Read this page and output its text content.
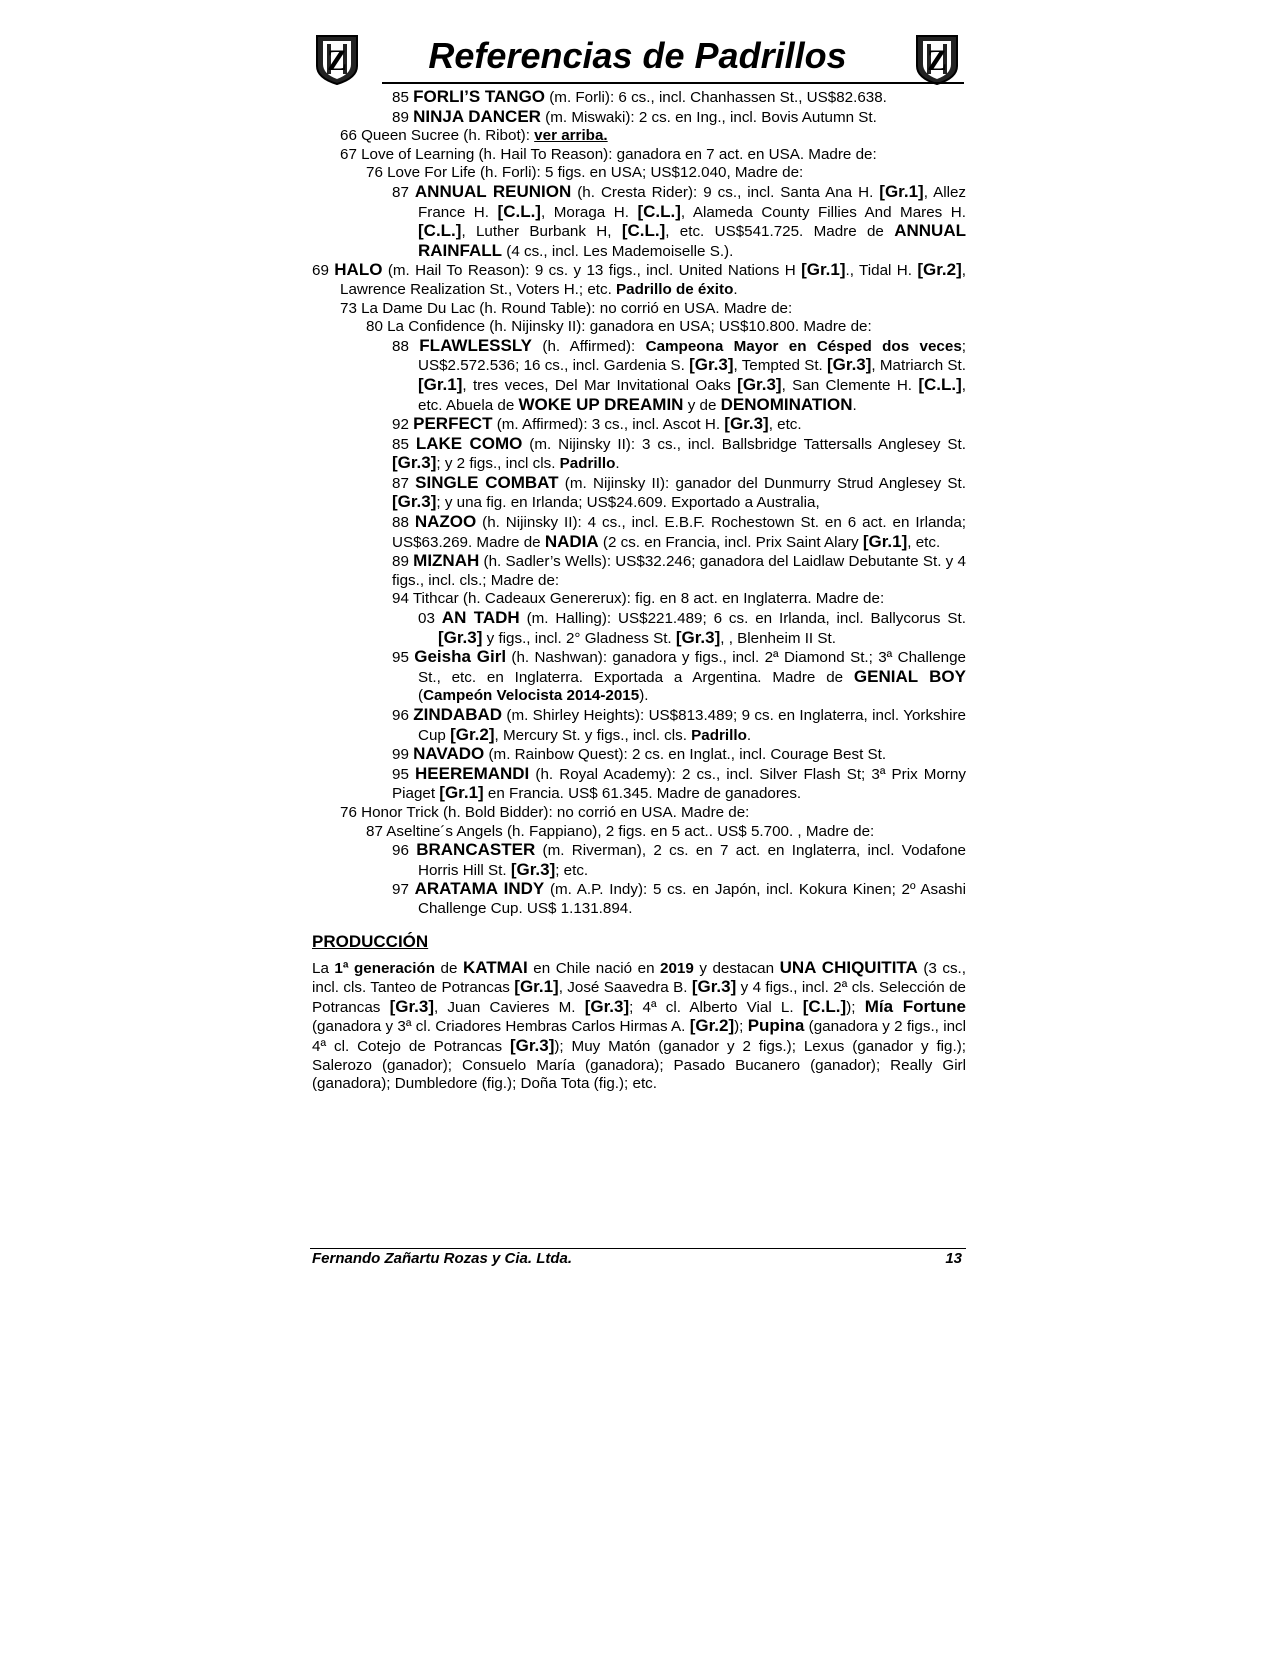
Z	Z
Referencias de Padrillos
85 FORLI’S TANGO (m. Forli): 6 cs., incl. Chanhassen St., US$82.638.
89 NINJA DANCER (m. Miswaki): 2 cs. en Ing., incl. Bovis Autumn St.
66 Queen Sucree (h. Ribot): ver arriba.
67 Love of Learning (h. Hail To Reason): ganadora en 7 act. en USA. Madre de:
76 Love For Life (h. Forli): 5 figs. en USA; US$12.040, Madre de:
87 ANNUAL REUNION (h. Cresta Rider): 9 cs., incl. Santa Ana H. [Gr.1], Allez France H. [C.L.], Moraga H. [C.L.], Alameda County Fillies And Mares H. [C.L.], Luther Burbank H, [C.L.], etc. US$541.725. Madre de ANNUAL RAINFALL (4 cs., incl. Les Mademoiselle S.).
69 HALO (m. Hail To Reason): 9 cs. y 13 figs., incl. United Nations H [Gr.1]., Tidal H. [Gr.2], Lawrence Realization St., Voters H.; etc. Padrillo de éxito.
73 La Dame Du Lac (h. Round Table): no corrió en USA. Madre de:
80 La Confidence (h. Nijinsky II): ganadora en USA; US$10.800. Madre de:
88 FLAWLESSLY (h. Affirmed): Campeona Mayor en Césped dos veces; US$2.572.536; 16 cs., incl. Gardenia S. [Gr.3], Tempted St. [Gr.3], Matriarch St. [Gr.1], tres veces, Del Mar Invitational Oaks [Gr.3], San Clemente H. [C.L.], etc. Abuela de WOKE UP DREAMIN y de DENOMINATION.
92 PERFECT (m. Affirmed): 3 cs., incl. Ascot H. [Gr.3], etc.
85 LAKE COMO (m. Nijinsky II): 3 cs., incl. Ballsbridge Tattersalls Anglesey St. [Gr.3]; y 2 figs., incl cls. Padrillo.
87 SINGLE COMBAT (m. Nijinsky II): ganador del Dunmurry Strud Anglesey St. [Gr.3]; y una fig. en Irlanda; US$24.609. Exportado a Australia,
88 NAZOO (h. Nijinsky II): 4 cs., incl. E.B.F. Rochestown St. en 6 act. en Irlanda; US$63.269. Madre de NADIA (2 cs. en Francia, incl. Prix Saint Alary [Gr.1], etc.
89 MIZNAH (h. Sadler’s Wells): US$32.246; ganadora del Laidlaw Debutante St. y 4 figs., incl. cls.; Madre de:
94 Tithcar (h. Cadeaux Genererux): fig. en 8 act. en Inglaterra. Madre de:
03 AN TADH (m. Halling): US$221.489; 6 cs. en Irlanda, incl. Ballycorus St. [Gr.3] y figs., incl. 2° Gladness St. [Gr.3], , Blenheim II St.
95 Geisha Girl (h. Nashwan): ganadora y figs., incl. 2ª Diamond St.; 3ª Challenge St., etc. en Inglaterra. Exportada a Argentina. Madre de GENIAL BOY (Campeón Velocista 2014-2015).
96 ZINDABAD (m. Shirley Heights): US$813.489; 9 cs. en Inglaterra, incl. Yorkshire Cup [Gr.2], Mercury St. y figs., incl. cls. Padrillo.
99 NAVADO (m. Rainbow Quest): 2 cs. en Inglat., incl. Courage Best St.
95 HEEREMANDI (h. Royal Academy): 2 cs., incl. Silver Flash St; 3ª Prix Morny Piaget [Gr.1] en Francia. US$ 61.345. Madre de ganadores.
76 Honor Trick (h. Bold Bidder): no corrió en USA. Madre de:
87 Aseltine´s Angels (h. Fappiano), 2 figs. en 5 act.. US$ 5.700. , Madre de:
96 BRANCASTER (m. Riverman), 2 cs. en 7 act. en Inglaterra, incl. Vodafone Horris Hill St. [Gr.3]; etc.
97 ARATAMA INDY (m. A.P. Indy): 5 cs. en Japón, incl. Kokura Kinen; 2º Asashi Challenge Cup. US$ 1.131.894.
PRODUCCIÓN
La 1ª generación de KATMAI en Chile nació en 2019 y destacan UNA CHIQUITITA (3 cs., incl. cls. Tanteo de Potrancas [Gr.1], José Saavedra B. [Gr.3] y 4 figs., incl. 2ª cls. Selección de Potrancas [Gr.3], Juan Cavieres M. [Gr.3]; 4ª cl. Alberto Vial L. [C.L.]); Mía Fortune (ganadora y 3ª cl. Criadores Hembras Carlos Hirmas A. [Gr.2]); Pupina (ganadora y 2 figs., incl 4ª cl. Cotejo de Potrancas [Gr.3]); Muy Matón (ganador y 2 figs.); Lexus (ganador y fig.); Salerozo (ganador); Consuelo María (ganadora); Pasado Bucanero (ganador); Really Girl (ganadora); Dumbledore (fig.); Doña Tota (fig.); etc.
Fernando Zañartu Rozas y Cia. Ltda.	13
